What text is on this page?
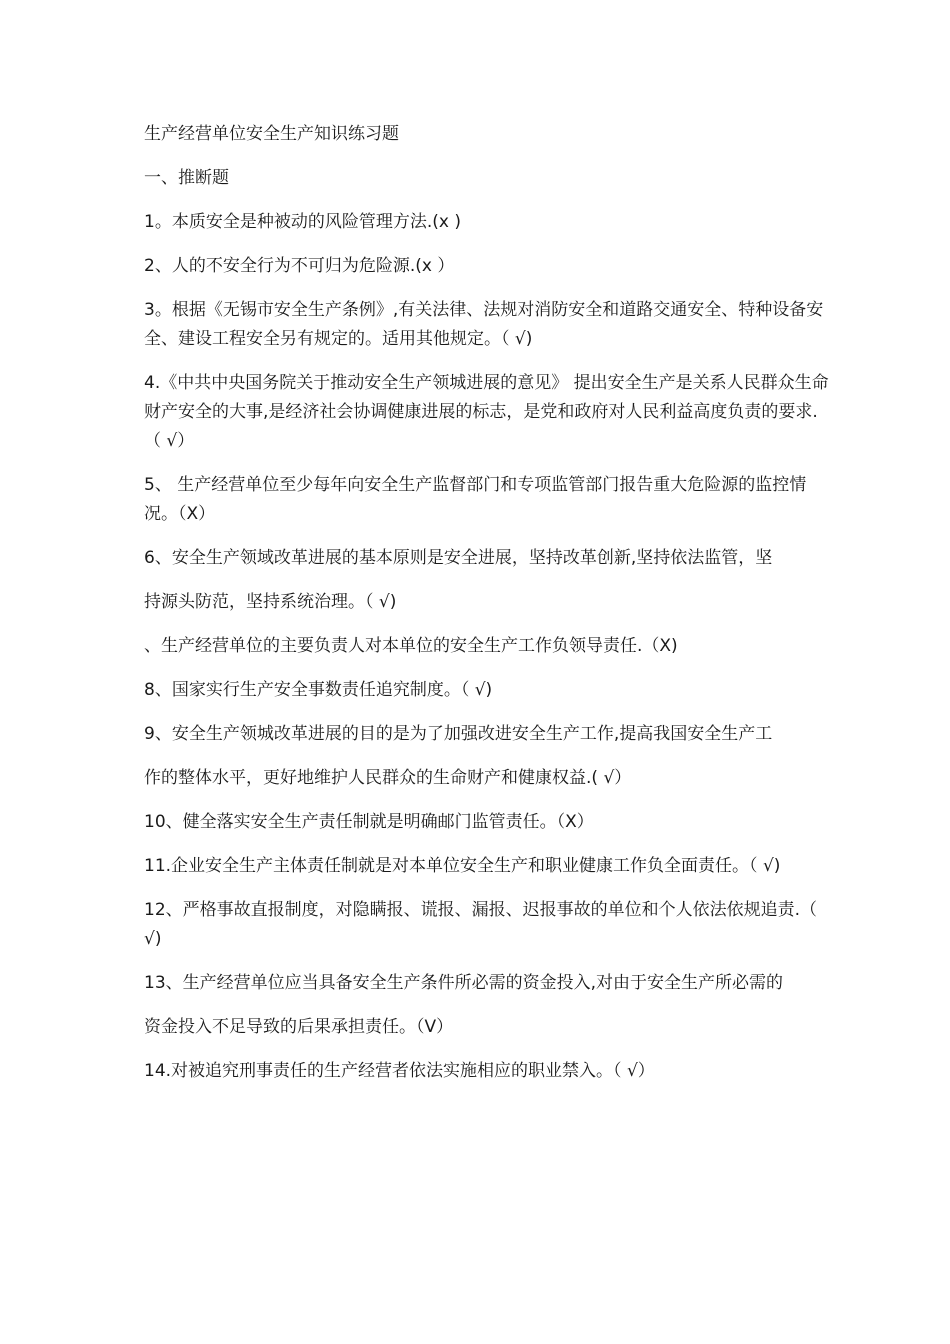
生产经营单位安全生产知识练习题

一、推断题

1。本质安全是种被动的风险管理方法.(x )

2、人的不安全行为不可归为危险源.(x ）

3。根据《无锡市安全生产条例》,有关法律、法规对消防安全和道路交通安全、特种设备安全、建设工程安全另有规定的。适用其他规定。（ √)

4.《中共中央国务院关于推动安全生产领城进展的意见》 提出安全生产是关系人民群众生命财产安全的大事,是经济社会协调健康进展的标志，是党和政府对人民利益高度负责的要求.（ √）

5、 生产经营单位至少每年向安全生产监督部门和专项监管部门报告重大危险源的监控情况。（X）

6、安全生产领域改革进展的基本原则是安全进展，坚持改革创新,坚持依法监管，坚

持源头防范，坚持系统治理。（ √)

、生产经营单位的主要负责人对本单位的安全生产工作负领导责任.（X)

8、国家实行生产安全事数责任追究制度。（ √)

9、安全生产领城改革进展的目的是为了加强改进安全生产工作,提高我国安全生产工

作的整体水平，更好地维护人民群众的生命财产和健康权益.( √）

10、健全落实安全生产责任制就是明确邮门监管责任。（X）

11.企业安全生产主体责任制就是对本单位安全生产和职业健康工作负全面责任。（ √)

12、严格事故直报制度，对隐瞒报、谎报、漏报、迟报事故的单位和个人依法依规追责.（ √)

13、生产经营单位应当具备安全生产条件所必需的资金投入,对由于安全生产所必需的

资金投入不足导致的后果承担责任。（V）

14.对被追究刑事责任的生产经营者依法实施相应的职业禁入。（ √）
